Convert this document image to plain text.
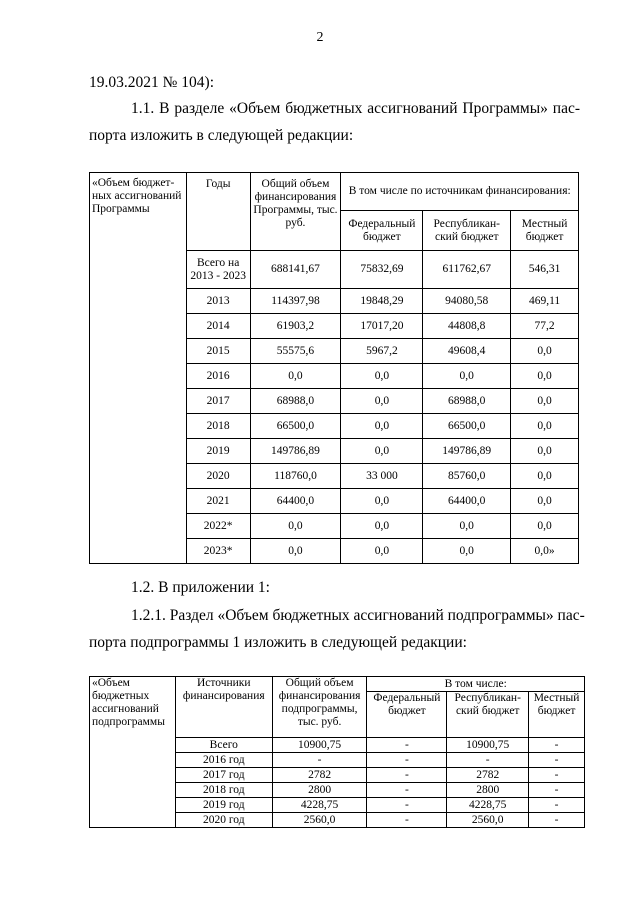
2
19.03.2021 № 104):
1.1. В разделе «Объем бюджетных ассигнований Программы» пас-
порта изложить в следующей редакции:
«Объем бюджет-ных ассигнований Программы	Годы	Общий объем финансирования Программы, тыс. руб.	В том числе по источникам финансирования:		
			Федеральный бюджет	Республикан-ский бюджет	Местный бюджет
	Всего на 2013 - 2023	688141,67	75832,69	611762,67	546,31
	2013	114397,98	19848,29	94080,58	469,11
	2014	61903,2	17017,20	44808,8	77,2
	2015	55575,6	5967,2	49608,4	0,0
	2016	0,0	0,0	0,0	0,0
	2017	68988,0	0,0	68988,0	0,0
	2018	66500,0	0,0	66500,0	0,0
	2019	149786,89	0,0	149786,89	0,0
	2020	118760,0	33 000	85760,0	0,0
	2021	64400,0	0,0	64400,0	0,0
	2022*	0,0	0,0	0,0	0,0
	2023*	0,0	0,0	0,0	0,0»
1.2. В приложении 1:
1.2.1. Раздел «Объем бюджетных ассигнований подпрограммы» пас-
порта подпрограммы 1 изложить в следующей редакции:
«Объем бюджетных ассигнований подпрограммы	Источники финансирования	Общий объем финансирования подпрограммы, тыс. руб.	В том числе:		
			Федеральный бюджет	Республикан-ский бюджет	Местный бюджет
	Всего	10900,75	-	10900,75	-
	2016 год	-	-	-	-
	2017 год	2782	-	2782	-
	2018 год	2800	-	2800	-
	2019 год	4228,75	-	4228,75	-
	2020 год	2560,0	-	2560,0	-
